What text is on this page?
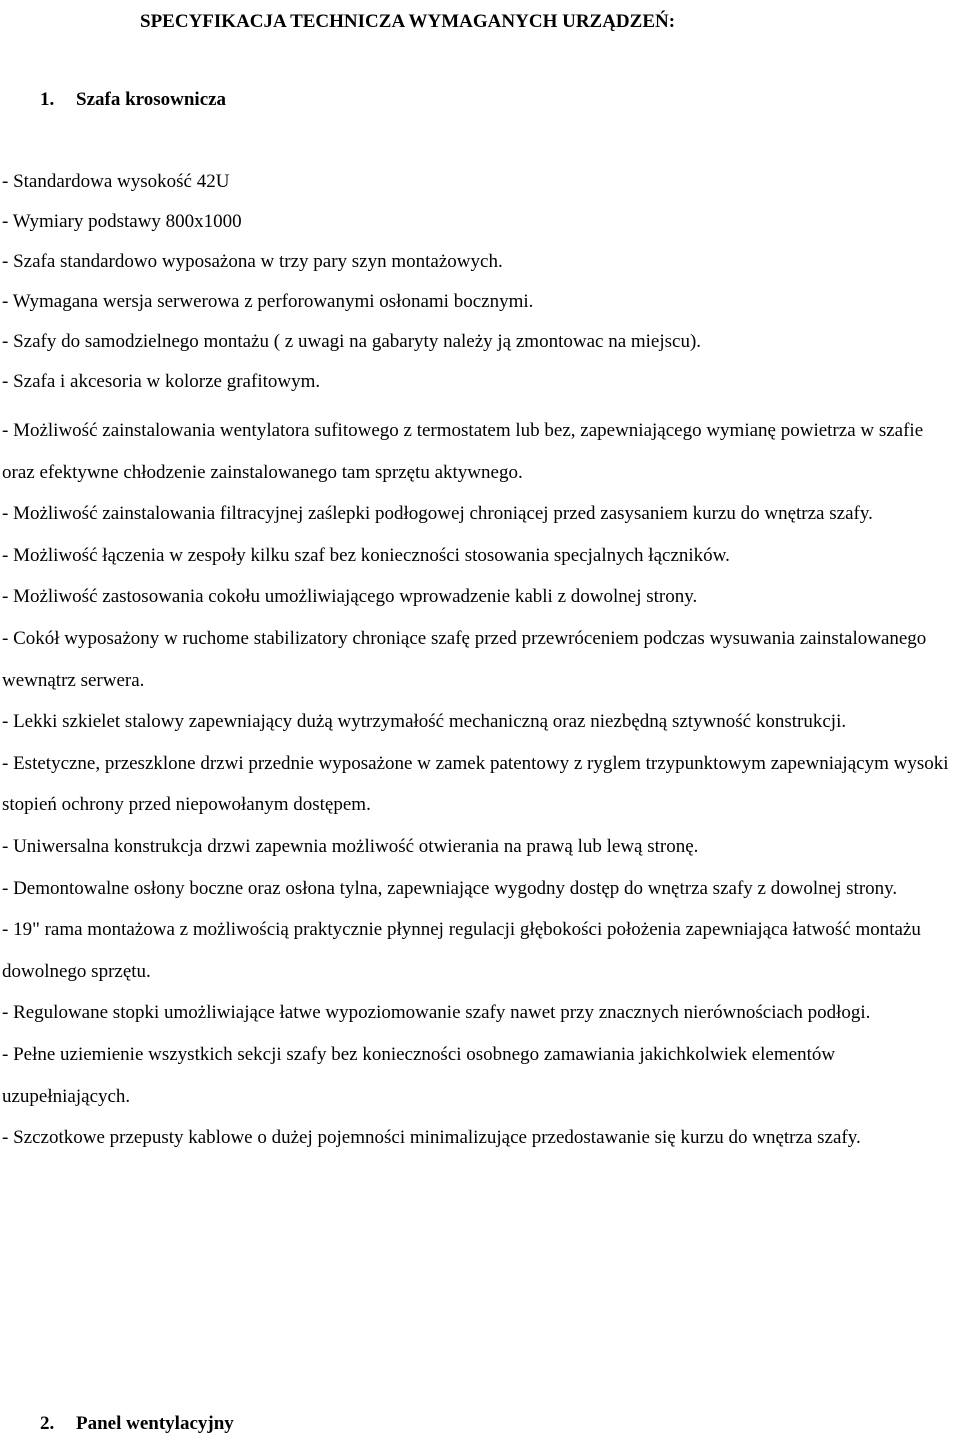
SPECYFIKACJA TECHNICZA WYMAGANYCH URZĄDZEŃ:
1. Szafa krosownicza
- Standardowa wysokość 42U
- Wymiary podstawy 800x1000
- Szafa standardowo wyposażona w trzy pary szyn montażowych.
- Wymagana wersja serwerowa z perforowanymi osłonami bocznymi.
- Szafy do samodzielnego montażu ( z uwagi na gabaryty należy ją zmontowac na miejscu).
- Szafa i akcesoria w kolorze grafitowym.
- Możliwość zainstalowania wentylatora sufitowego z termostatem lub bez, zapewniającego wymianę powietrza w szafie oraz efektywne chłodzenie zainstalowanego tam sprzętu aktywnego.
- Możliwość zainstalowania filtracyjnej zaślepki podłogowej chroniącej przed zasysaniem kurzu do wnętrza szafy.
- Możliwość łączenia w zespoły kilku szaf bez konieczności stosowania specjalnych łączników.
- Możliwość zastosowania cokołu umożliwiającego wprowadzenie kabli z dowolnej strony.
- Cokół wyposażony w ruchome stabilizatory chroniące szafę przed przewróceniem podczas wysuwania zainstalowanego wewnątrz serwera.
- Lekki szkielet stalowy zapewniający dużą wytrzymałość mechaniczną oraz niezbędną sztywność konstrukcji.
- Estetyczne, przeszklone drzwi przednie wyposażone w zamek patentowy z ryglem trzypunktowym zapewniającym wysoki stopień ochrony przed niepowołanym dostępem.
- Uniwersalna konstrukcja drzwi zapewnia możliwość otwierania na prawą lub lewą stronę.
- Demontowalne osłony boczne oraz osłona tylna, zapewniające wygodny dostęp do wnętrza szafy z dowolnej strony.
- 19" rama montażowa z możliwością praktycznie płynnej regulacji głębokości położenia zapewniająca łatwość montażu dowolnego sprzętu.
- Regulowane stopki umożliwiające łatwe wypoziomowanie szafy nawet przy znacznych nierównościach podłogi.
- Pełne uziemienie wszystkich sekcji szafy bez konieczności osobnego zamawiania jakichkolwiek elementów uzupełniających.
- Szczotkowe przepusty kablowe o dużej pojemności minimalizujące przedostawanie się kurzu do wnętrza szafy.
2. Panel wentylacyjny
